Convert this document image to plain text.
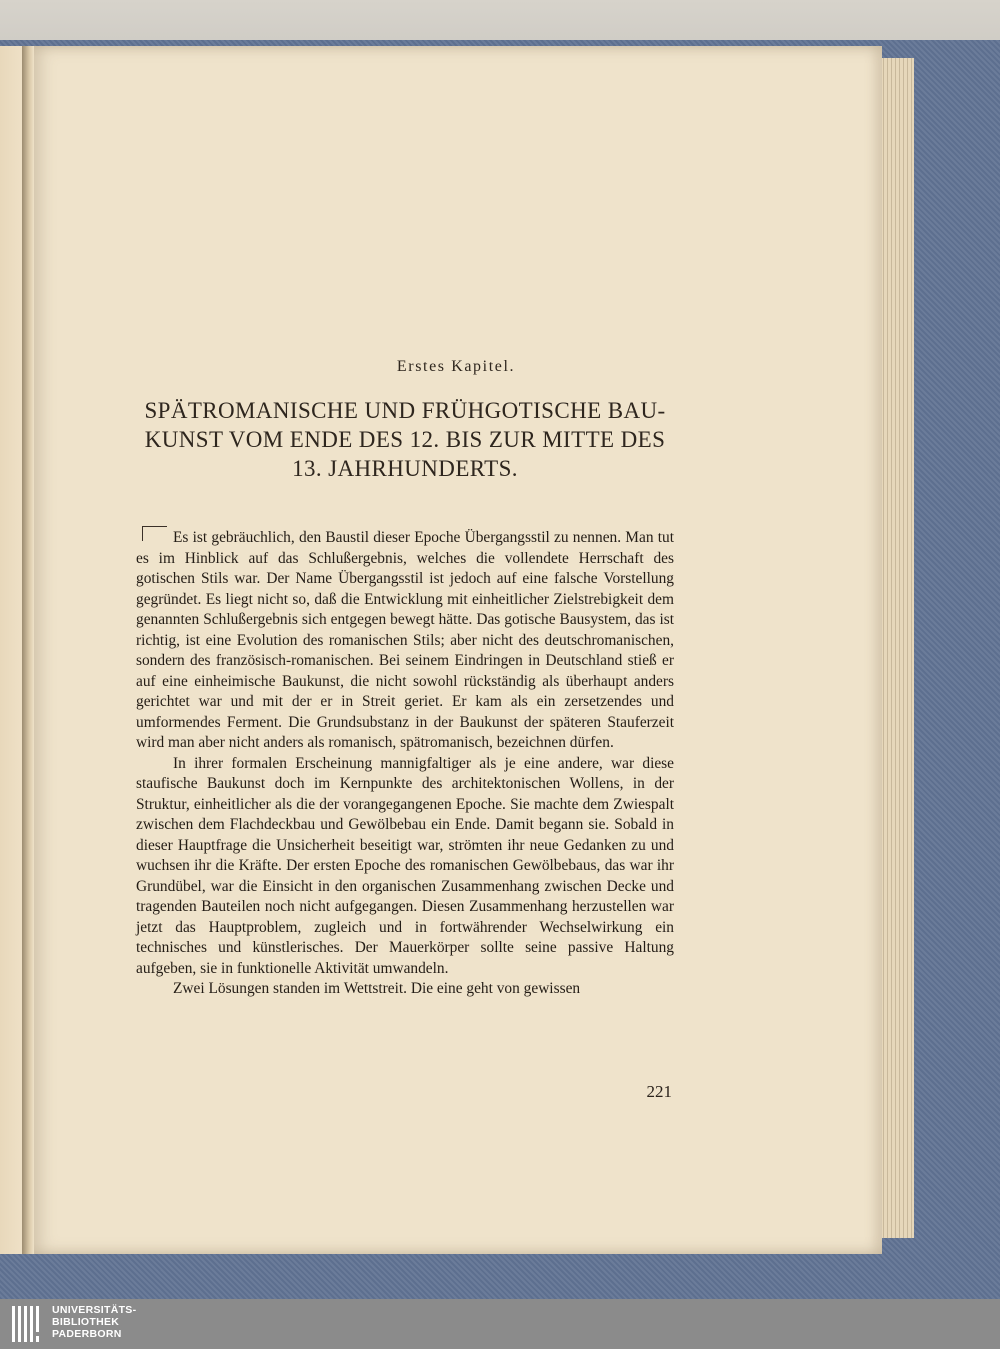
Erstes Kapitel.
SPÄTROMANISCHE UND FRÜHGOTISCHE BAU-
KUNST VOM ENDE DES 12. BIS ZUR MITTE DES
13. JAHRHUNDERTS.

Es ist gebräuchlich, den Baustil dieser Epoche Übergangsstil zu nennen. Man tut es im Hinblick auf das Schlußergebnis, welches die vollendete Herrschaft des gotischen Stils war. Der Name Übergangsstil ist jedoch auf eine falsche Vorstellung gegründet. Es liegt nicht so, daß die Entwicklung mit einheitlicher Zielstrebigkeit dem genannten Schlußergebnis sich entgegen bewegt hätte. Das gotische Bausystem, das ist richtig, ist eine Evolution des romanischen Stils; aber nicht des deutschromanischen, sondern des französisch-romanischen. Bei seinem Eindringen in Deutschland stieß er auf eine einheimische Baukunst, die nicht sowohl rückständig als überhaupt anders gerichtet war und mit der er in Streit geriet. Er kam als ein zersetzendes und umformendes Ferment. Die Grundsubstanz in der Baukunst der späteren Stauferzeit wird man aber nicht anders als romanisch, spätromanisch, bezeichnen dürfen.

In ihrer formalen Erscheinung mannigfaltiger als je eine andere, war diese staufische Baukunst doch im Kernpunkte des architektonischen Wollens, in der Struktur, einheitlicher als die der vorangegangenen Epoche. Sie machte dem Zwiespalt zwischen dem Flachdeckbau und Gewölbebau ein Ende. Damit begann sie. Sobald in dieser Hauptfrage die Unsicherheit beseitigt war, strömten ihr neue Gedanken zu und wuchsen ihr die Kräfte. Der ersten Epoche des romanischen Gewölbebaus, das war ihr Grundübel, war die Einsicht in den organischen Zusammenhang zwischen Decke und tragenden Bauteilen noch nicht aufgegangen. Diesen Zusammenhang herzustellen war jetzt das Hauptproblem, zugleich und in fortwährender Wechselwirkung ein technisches und künstlerisches. Der Mauerkörper sollte seine passive Haltung aufgeben, sie in funktionelle Aktivität umwandeln.

Zwei Lösungen standen im Wettstreit. Die eine geht von gewissen

221
UNIVERSITÄTS-
BIBLIOTHEK
PADERBORN
